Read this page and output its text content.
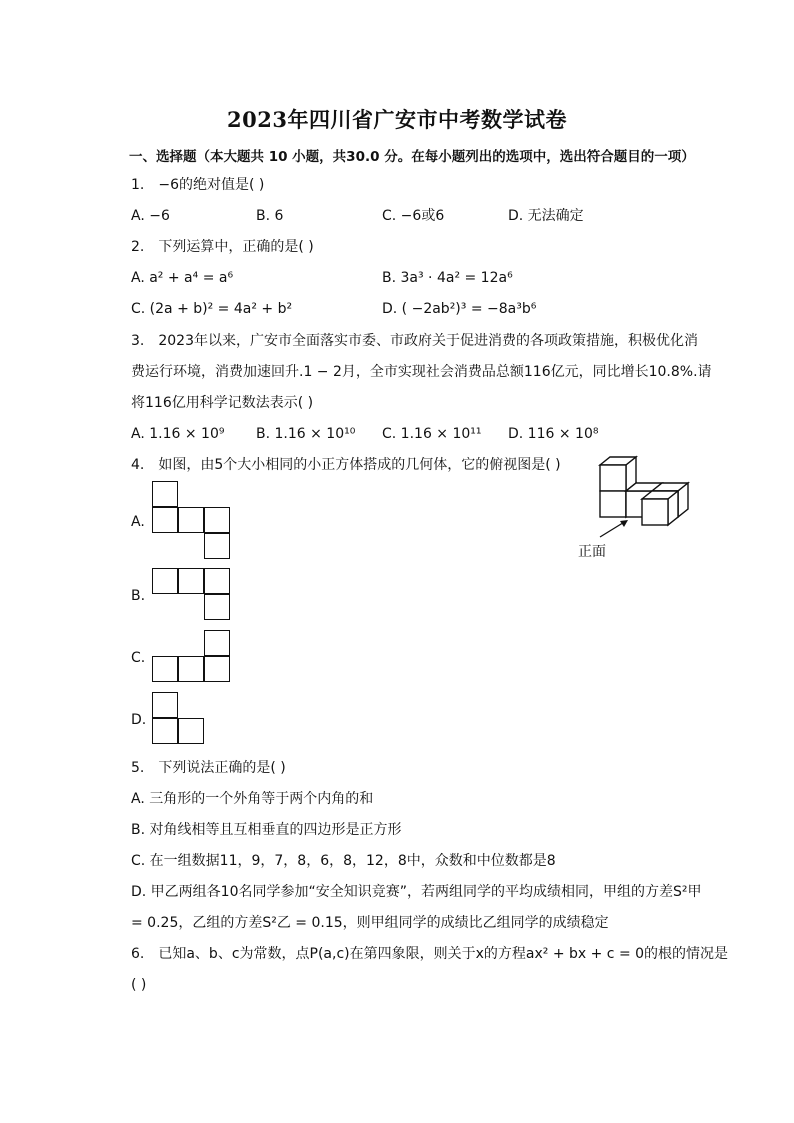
2023年四川省广安市中考数学试卷
一、选择题（本大题共 10 小题，共30.0 分。在每小题列出的选项中，选出符合题目的一项）
1.　−6的绝对值是( )
A. −6	B. 6	C. −6或6	D. 无法确定
2.　下列运算中，正确的是( )
A. a² + a⁴ = a⁶	B. 3a³ · 4a² = 12a⁶
C. (2a + b)² = 4a² + b²	D. ( −2ab²)³ = −8a³b⁶
3.　2023年以来，广安市全面落实市委、市政府关于促进消费的各项政策措施，积极优化消
费运行环境，消费加速回升.1 − 2月，全市实现社会消费品总额116亿元，同比增长10.8%.请
将116亿用科学记数法表示( )
A. 1.16 × 10⁹ B. 1.16 × 10¹⁰ C. 1.16 × 10¹¹ D. 116 × 10⁸
4.　如图，由5个大小相同的小正方体搭成的几何体，它的俯视图是( )
A.
B.
C.
D.
正面
5.　下列说法正确的是( )
A. 三角形的一个外角等于两个内角的和
B. 对角线相等且互相垂直的四边形是正方形
C. 在一组数据11，9，7，8，6，8，12，8中，众数和中位数都是8
D. 甲乙两组各10名同学参加“安全知识竞赛”，若两组同学的平均成绩相同，甲组的方差S²甲
= 0.25，乙组的方差S²乙 = 0.15，则甲组同学的成绩比乙组同学的成绩稳定
6.　已知a、b、c为常数，点P(a,c)在第四象限，则关于x的方程ax² + bx + c = 0的根的情况是
( )
